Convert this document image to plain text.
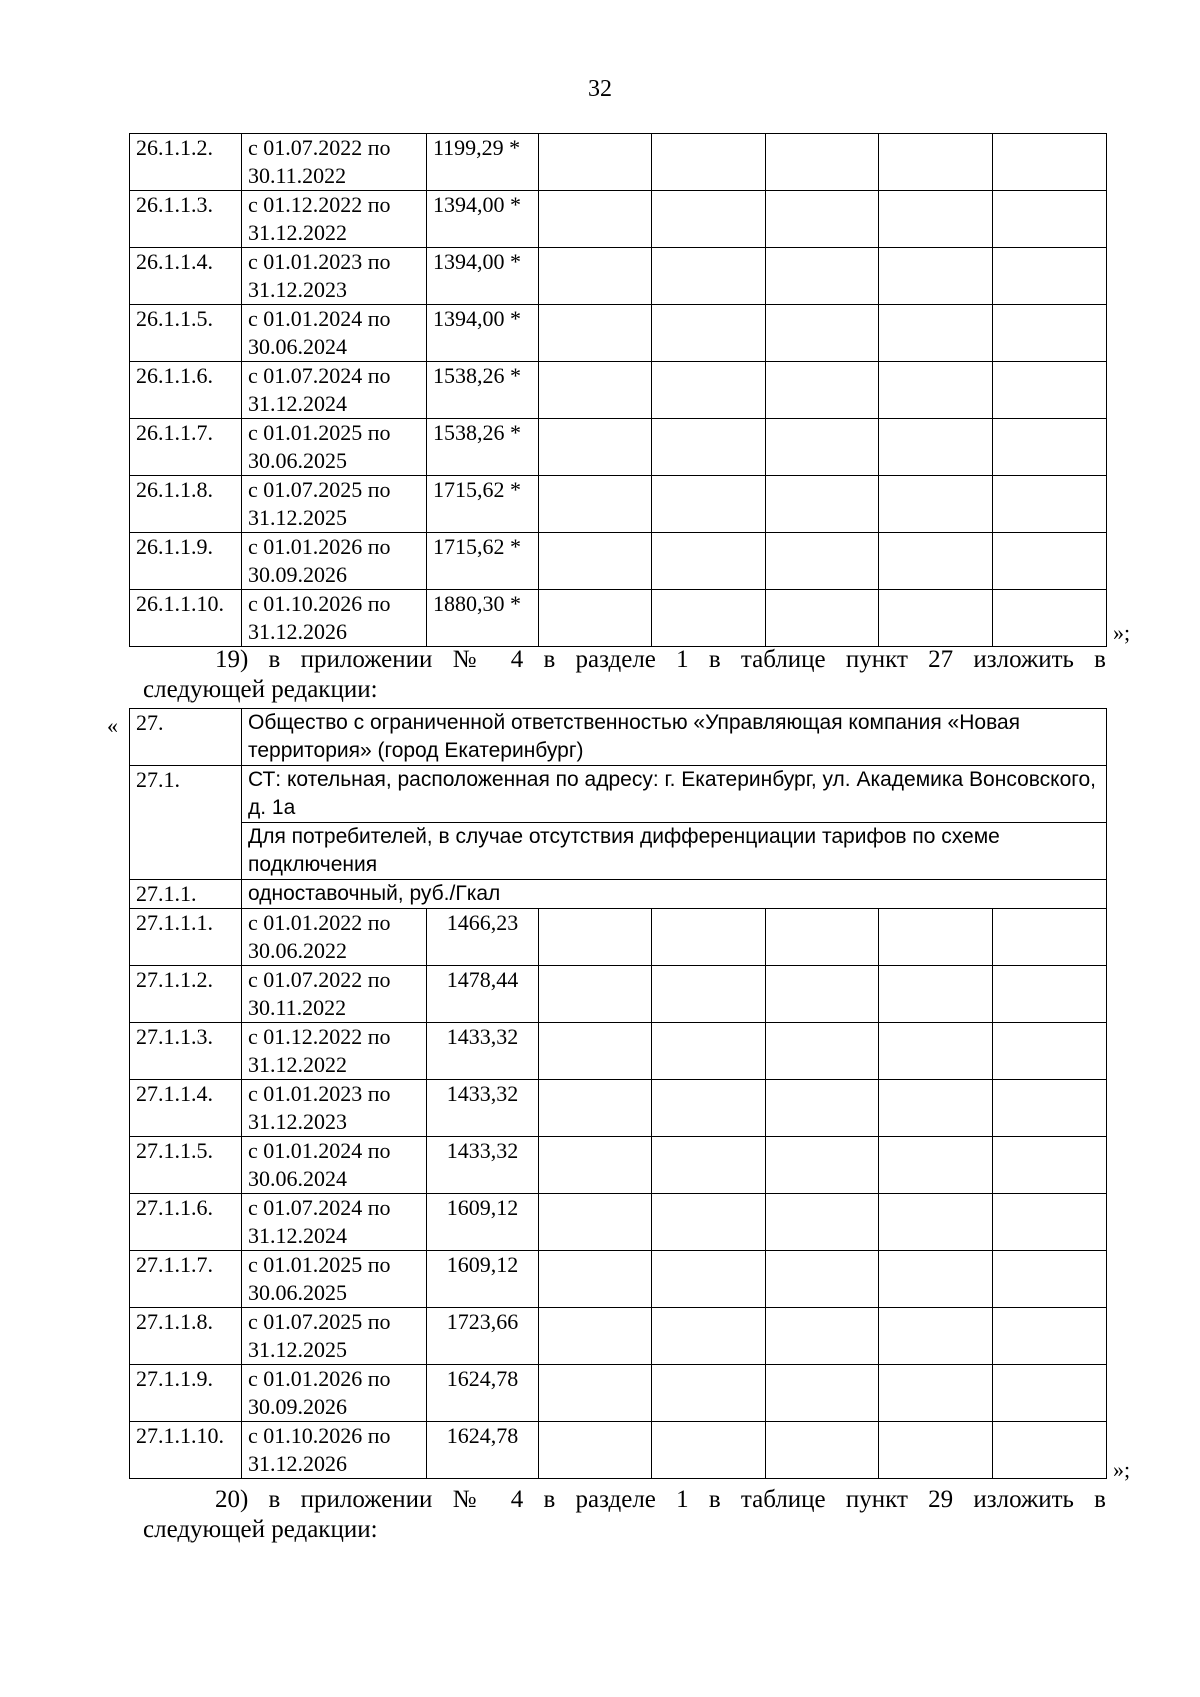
32
26.1.1.2.	с 01.07.2022 по 30.11.2022	1199,29 *					
26.1.1.3.	с 01.12.2022 по 31.12.2022	1394,00 *					
26.1.1.4.	с 01.01.2023 по 31.12.2023	1394,00 *					
26.1.1.5.	с 01.01.2024 по 30.06.2024	1394,00 *					
26.1.1.6.	с 01.07.2024 по 31.12.2024	1538,26 *					
26.1.1.7.	с 01.01.2025 по 30.06.2025	1538,26 *					
26.1.1.8.	с 01.07.2025 по 31.12.2025	1715,62 *					
26.1.1.9.	с 01.01.2026 по 30.09.2026	1715,62 *					
26.1.1.10.	с 01.10.2026 по 31.12.2026	1880,30 *					
»;
19) в приложении № 4 в разделе 1 в таблице пункт 27 изложить в
следующей редакции:
« 27.	Общество с ограниченной ответственностью «Управляющая компания «Новая территория» (город Екатеринбург)						
27.1.	СТ: котельная, расположенная по адресу: г. Екатеринбург, ул. Академика Вонсовского, д. 1а						
	Для потребителей, в случае отсутствия дифференциации тарифов по схеме подключения						
27.1.1.	одноставочный, руб./Гкал						
27.1.1.1.	с 01.01.2022 по 30.06.2022	1466,23					
27.1.1.2.	с 01.07.2022 по 30.11.2022	1478,44					
27.1.1.3.	с 01.12.2022 по 31.12.2022	1433,32					
27.1.1.4.	с 01.01.2023 по 31.12.2023	1433,32					
27.1.1.5.	с 01.01.2024 по 30.06.2024	1433,32					
27.1.1.6.	с 01.07.2024 по 31.12.2024	1609,12					
27.1.1.7.	с 01.01.2025 по 30.06.2025	1609,12					
27.1.1.8.	с 01.07.2025 по 31.12.2025	1723,66					
27.1.1.9.	с 01.01.2026 по 30.09.2026	1624,78					
27.1.1.10.	с 01.10.2026 по 31.12.2026	1624,78					
»;
20) в приложении № 4 в разделе 1 в таблице пункт 29 изложить в
следующей редакции:
